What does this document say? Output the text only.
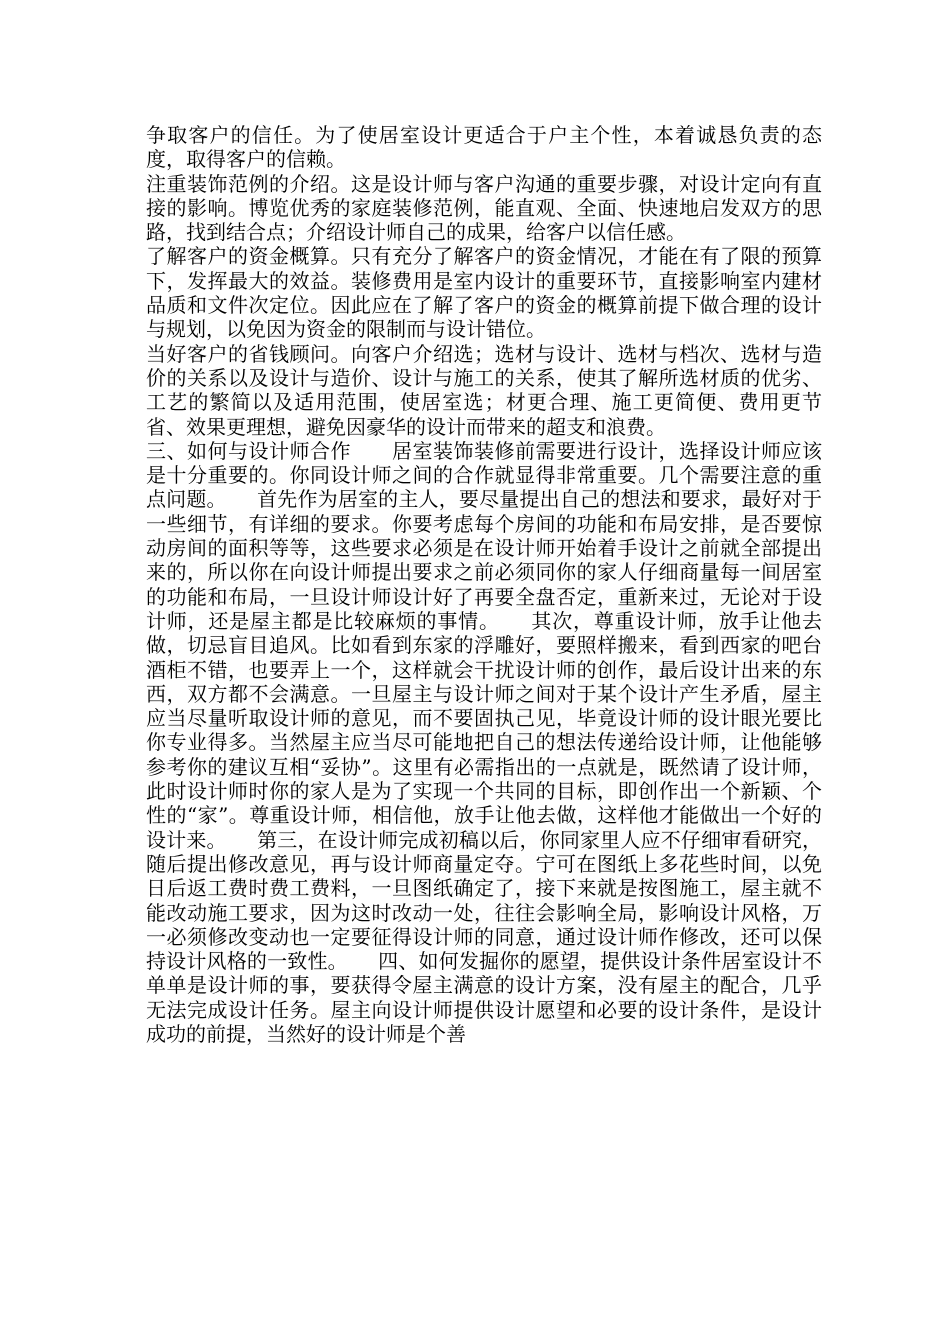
争取客户的信任。为了使居室设计更适合于户主个性，本着诚恳负责的态度，取得客户的信赖。

注重装饰范例的介绍。这是设计师与客户沟通的重要步骤，对设计定向有直接的影响。博览优秀的家庭装修范例，能直观、全面、快速地启发双方的思路，找到结合点；介绍设计师自己的成果，给客户以信任感。

了解客户的资金概算。只有充分了解客户的资金情况，才能在有了限的预算下，发挥最大的效益。装修费用是室内设计的重要环节，直接影响室内建材品质和文件次定位。因此应在了解了客户的资金的概算前提下做合理的设计与规划，以免因为资金的限制而与设计错位。

当好客户的省钱顾问。向客户介绍选；选材与设计、选材与档次、选材与造价的关系以及设计与造价、设计与施工的关系，使其了解所选材质的优劣、工艺的繁简以及适用范围，使居室选；材更合理、施工更简便、费用更节省、效果更理想，避免因豪华的设计而带来的超支和浪费。

三、如何与设计师合作　　居室装饰装修前需要进行设计，选择设计师应该是十分重要的。你同设计师之间的合作就显得非常重要。几个需要注意的重点问题。　　首先作为居室的主人，要尽量提出自己的想法和要求，最好对于一些细节，有详细的要求。你要考虑每个房间的功能和布局安排，是否要惊动房间的面积等等，这些要求必须是在设计师开始着手设计之前就全部提出来的，所以你在向设计师提出要求之前必须同你的家人仔细商量每一间居室的功能和布局，一旦设计师设计好了再要全盘否定，重新来过，无论对于设计师，还是屋主都是比较麻烦的事情。　　其次，尊重设计师，放手让他去做，切忌盲目追风。比如看到东家的浮雕好，要照样搬来，看到西家的吧台酒柜不错，也要弄上一个，这样就会干扰设计师的创作，最后设计出来的东西，双方都不会满意。一旦屋主与设计师之间对于某个设计产生矛盾，屋主应当尽量听取设计师的意见，而不要固执己见，毕竟设计师的设计眼光要比你专业得多。当然屋主应当尽可能地把自己的想法传递给设计师，让他能够参考你的建议互相“妥协”。这里有必需指出的一点就是，既然请了设计师，此时设计师时你的家人是为了实现一个共同的目标，即创作出一个新颖、个性的“家”。尊重设计师，相信他，放手让他去做，这样他才能做出一个好的设计来。　　第三，在设计师完成初稿以后，你同家里人应不仔细审看研究，随后提出修改意见，再与设计师商量定夺。宁可在图纸上多花些时间，以免日后返工费时费工费料，一旦图纸确定了，接下来就是按图施工，屋主就不能改动施工要求，因为这时改动一处，往往会影响全局，影响设计风格，万一必须修改变动也一定要征得设计师的同意，通过设计师作修改，还可以保持设计风格的一致性。　　四、如何发掘你的愿望，提供设计条件居室设计不单单是设计师的事，要获得令屋主满意的设计方案，没有屋主的配合，几乎无法完成设计任务。屋主向设计师提供设计愿望和必要的设计条件，是设计成功的前提，当然好的设计师是个善
